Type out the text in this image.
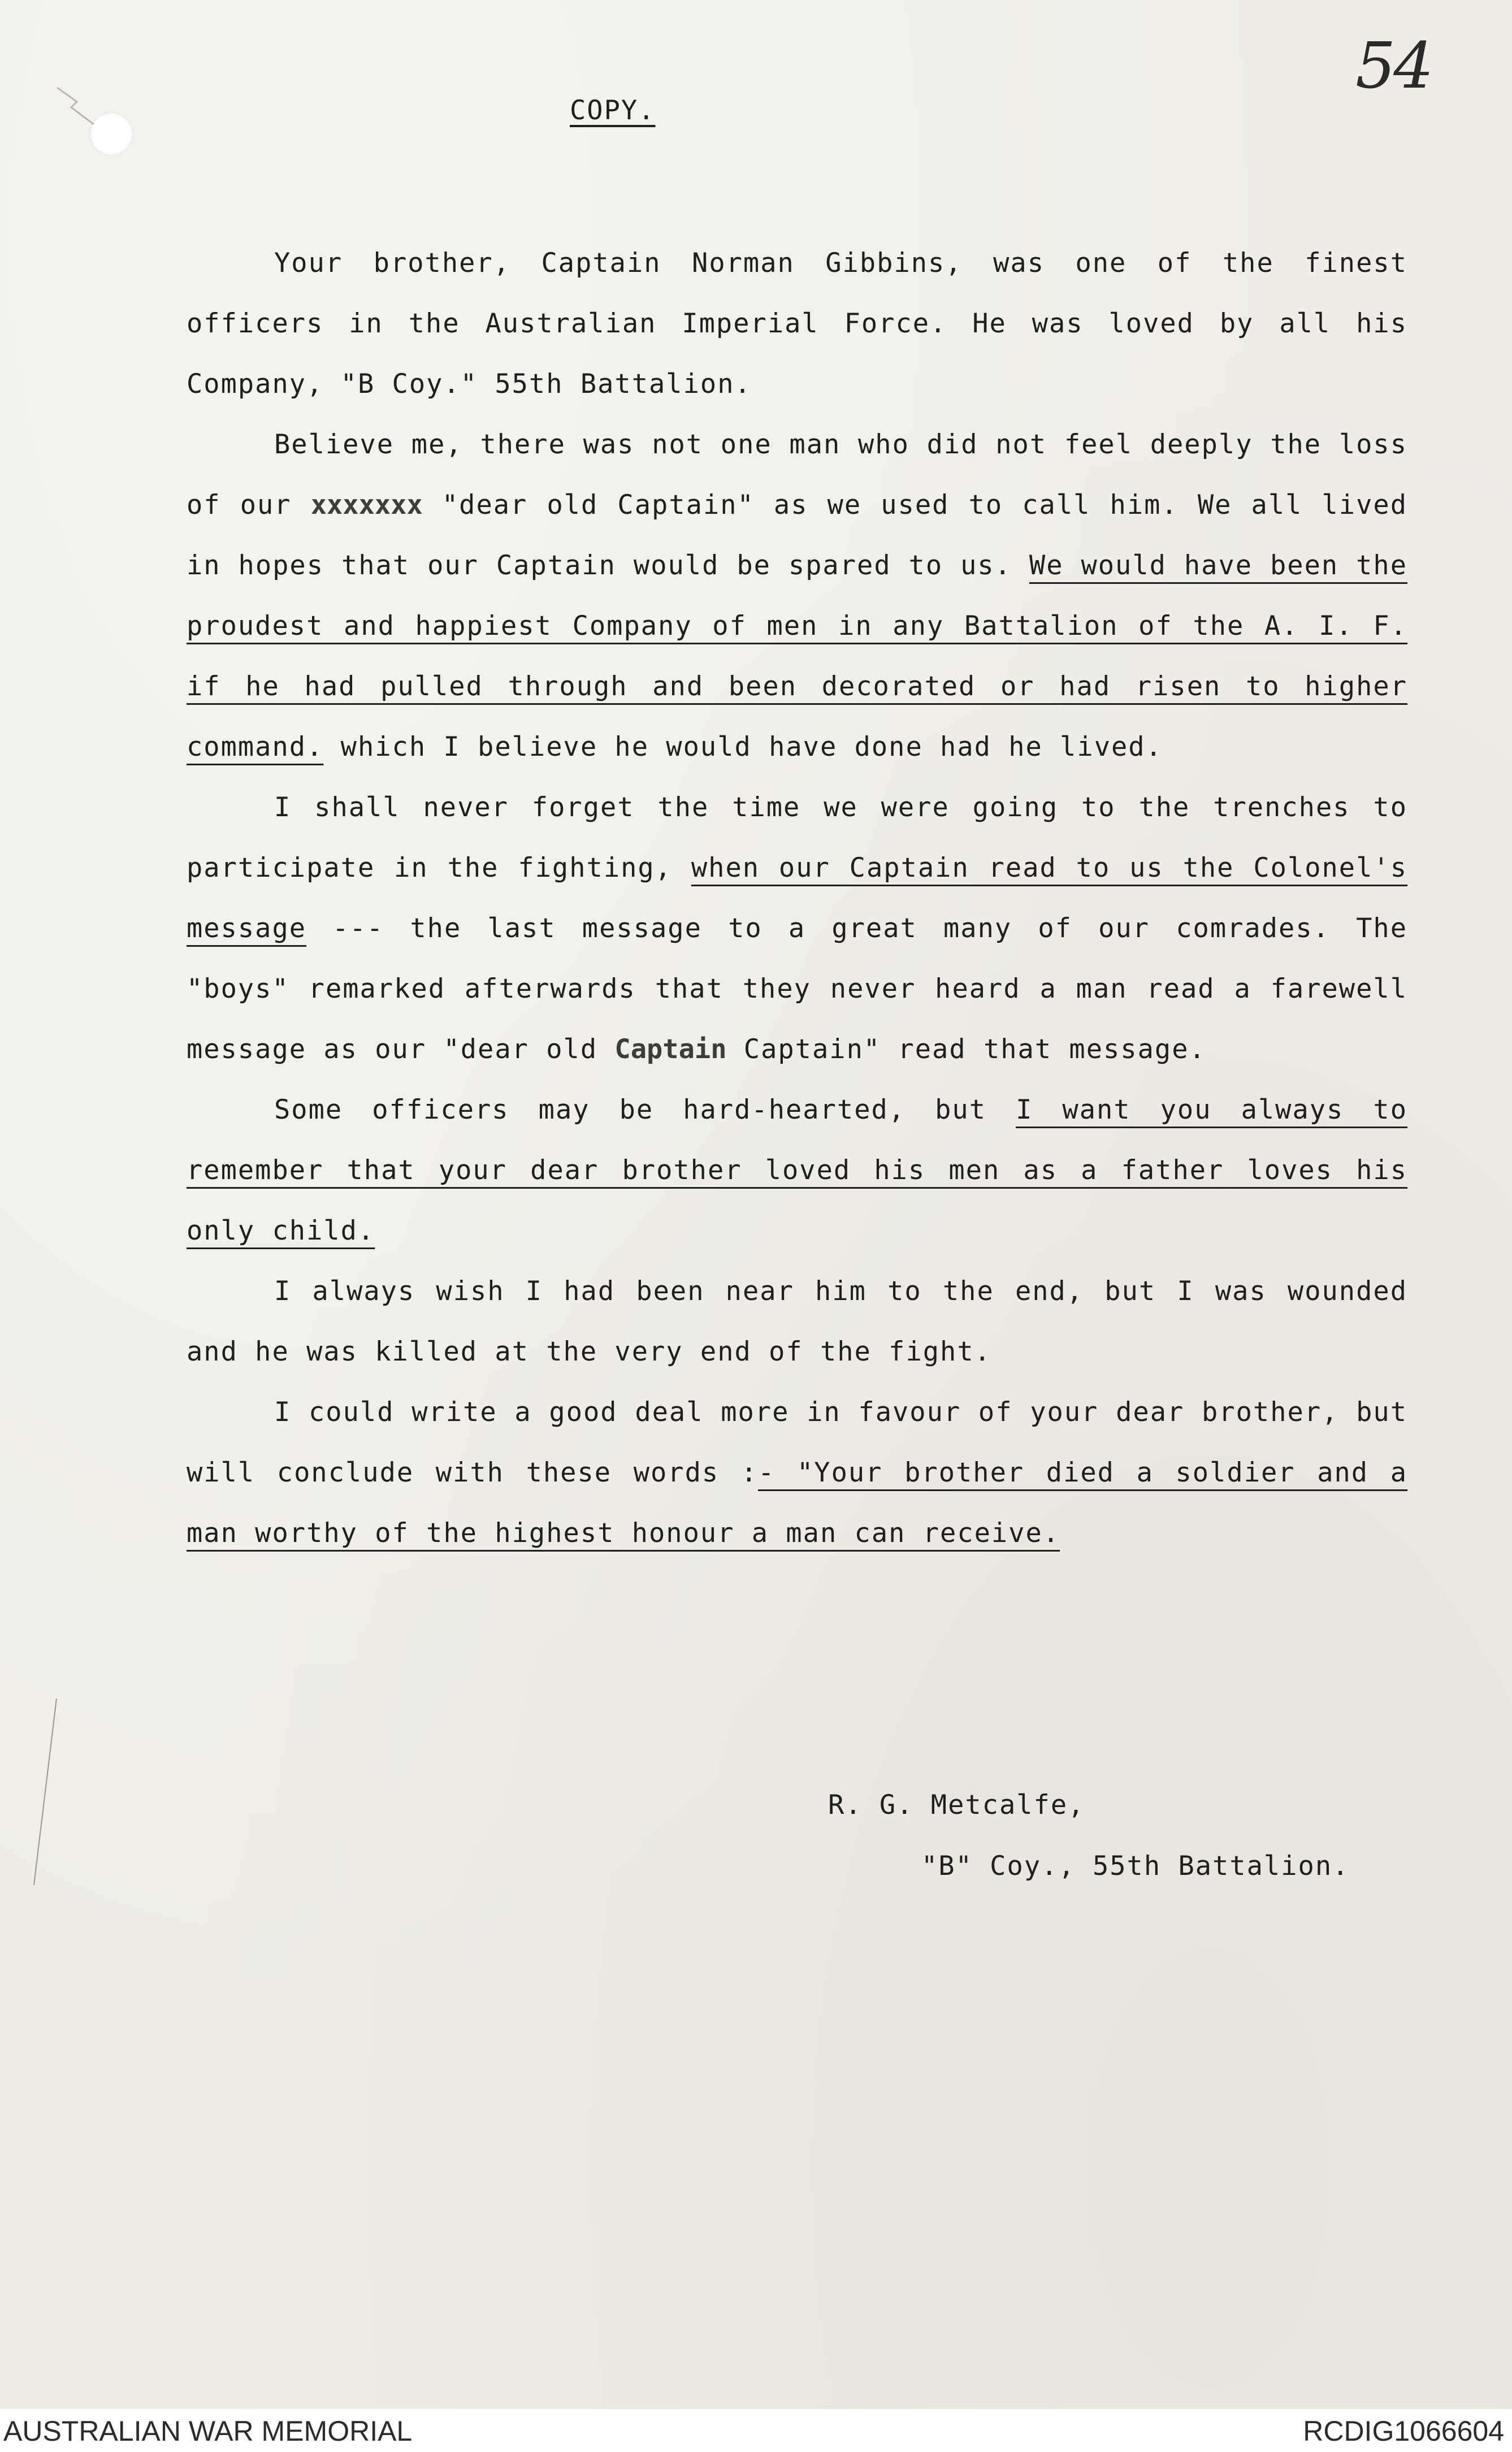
54
COPY.

Your brother, Captain Norman Gibbins, was one of the finest officers in the Australian Imperial Force. He was loved by all his Company, "B Coy." 55th Battalion.

Believe me, there was not one man who did not feel deeply the loss of our xxxxxxx "dear old Captain" as we used to call him. We all lived in hopes that our Captain would be spared to us. We would have been the proudest and happiest Company of men in any Battalion of the A. I. F. if he had pulled through and been decorated or had risen to higher command. which I believe he would have done had he lived.

I shall never forget the time we were going to the trenches to participate in the fighting, when our Captain read to us the Colonel's message --- the last message to a great many of our comrades. The "boys" remarked afterwards that they never heard a man read a farewell message as our "dear old Captain Captain" read that message.

Some officers may be hard-hearted, but I want you always to remember that your dear brother loved his men as a father loves his only child.

I always wish I had been near him to the end, but I was wounded and he was killed at the very end of the fight.

I could write a good deal more in favour of your dear brother, but will conclude with these words :- "Your brother died a soldier and a man worthy of the highest honour a man can receive.

R. G. Metcalfe,
"B" Coy., 55th Battalion.
AUSTRALIAN WAR MEMORIAL	RCDIG1066604
